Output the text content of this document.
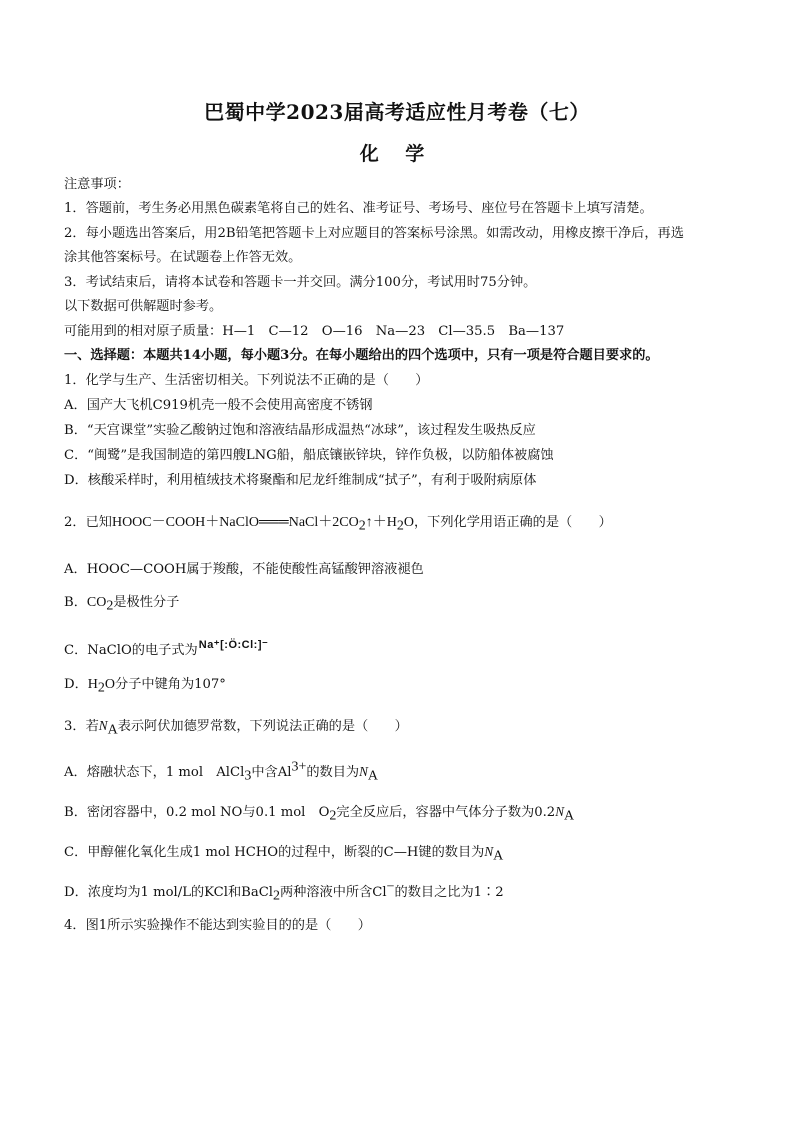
巴蜀中学2023届高考适应性月考卷（七）
化 学
注意事项：
1．答题前，考生务必用黑色碳素笔将自己的姓名、准考证号、考场号、座位号在答题卡上填写清楚。
2．每小题选出答案后，用2B铅笔把答题卡上对应题目的答案标号涂黑。如需改动，用橡皮擦干净后，再选
涂其他答案标号。在试题卷上作答无效。
3．考试结束后，请将本试卷和答题卡一并交回。满分100分，考试用时75分钟。
以下数据可供解题时参考。
可能用到的相对原子质量：H—1　C—12　O—16　Na—23　Cl—35.5　Ba—137
一、选择题：本题共14小题，每小题3分。在每小题给出的四个选项中，只有一项是符合题目要求的。
1．化学与生产、生活密切相关。下列说法不正确的是（　　）
A．国产大飞机C919机壳一般不会使用高密度不锈钢
B．“天宫课堂”实验乙酸钠过饱和溶液结晶形成温热“冰球”，该过程发生吸热反应
C．“闽鹭”是我国制造的第四艘LNG船，船底镶嵌锌块，锌作负极，以防船体被腐蚀
D．核酸采样时，利用植绒技术将聚酯和尼龙纤维制成“拭子”，有利于吸附病原体
2．已知$HOOC-COOH+NaClO═══NaCl+2CO_2↑+H_2O$，下列化学用语正确的是（　　）
A．HOOC—COOH属于羧酸，不能使酸性高锰酸钾溶液褪色
B．$CO_2$是极性分子
C．NaClO的电子式为$^{Na^+[:Ö:Cl:]^-}$
D．$H_2O$分子中键角为107°
3．若$N_A$表示阿伏加德罗常数，下列说法正确的是（　　）
A．熔融状态下，1 mol　AlCl$_3$中含$Al^{3+}$的数目为$N_A$
B．密闭容器中，0.2 mol NO与0.1 mol　$O_2$完全反应后，容器中气体分子数为$0.2N_A$
C．甲醇催化氧化生成1 mol HCHO的过程中，断裂的C—H键的数目为$N_A$
D．浓度均为1 mol/L的KCl和BaCl$_2$两种溶液中所含Cl−的数目之比为1∶2
4．图1所示实验操作不能达到实验目的的是（　　）
